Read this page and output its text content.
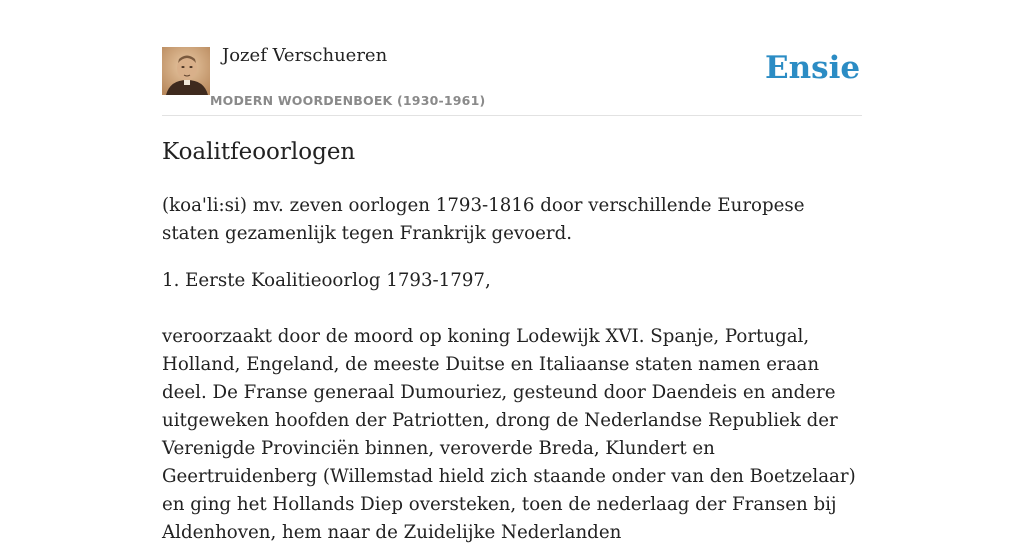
Jozef Verschueren
MODERN WOORDENBOEK (1930-1961)
Ensie
Koalitfeoorlogen

(koa'li:si) mv. zeven oorlogen 1793-1816 door verschillende Europese staten gezamenlijk tegen Frankrijk gevoerd.

1. Eerste Koalitieoorlog 1793-1797,

veroorzaakt door de moord op koning Lodewijk XVI. Spanje, Portugal, Holland, Engeland, de meeste Duitse en Italiaanse staten namen eraan deel. De Franse generaal Dumouriez, gesteund door Daendeis en andere uitgeweken hoofden der Patriotten, drong de Nederlandse Republiek der Verenigde Provinciën binnen, veroverde Breda, Klundert en Geertruidenberg (Willemstad hield zich staande onder van den Boetzelaar) en ging het Hollands Diep oversteken, toen de nederlaag der Fransen bij Aldenhoven, hem naar de Zuidelijke Nederlanden
